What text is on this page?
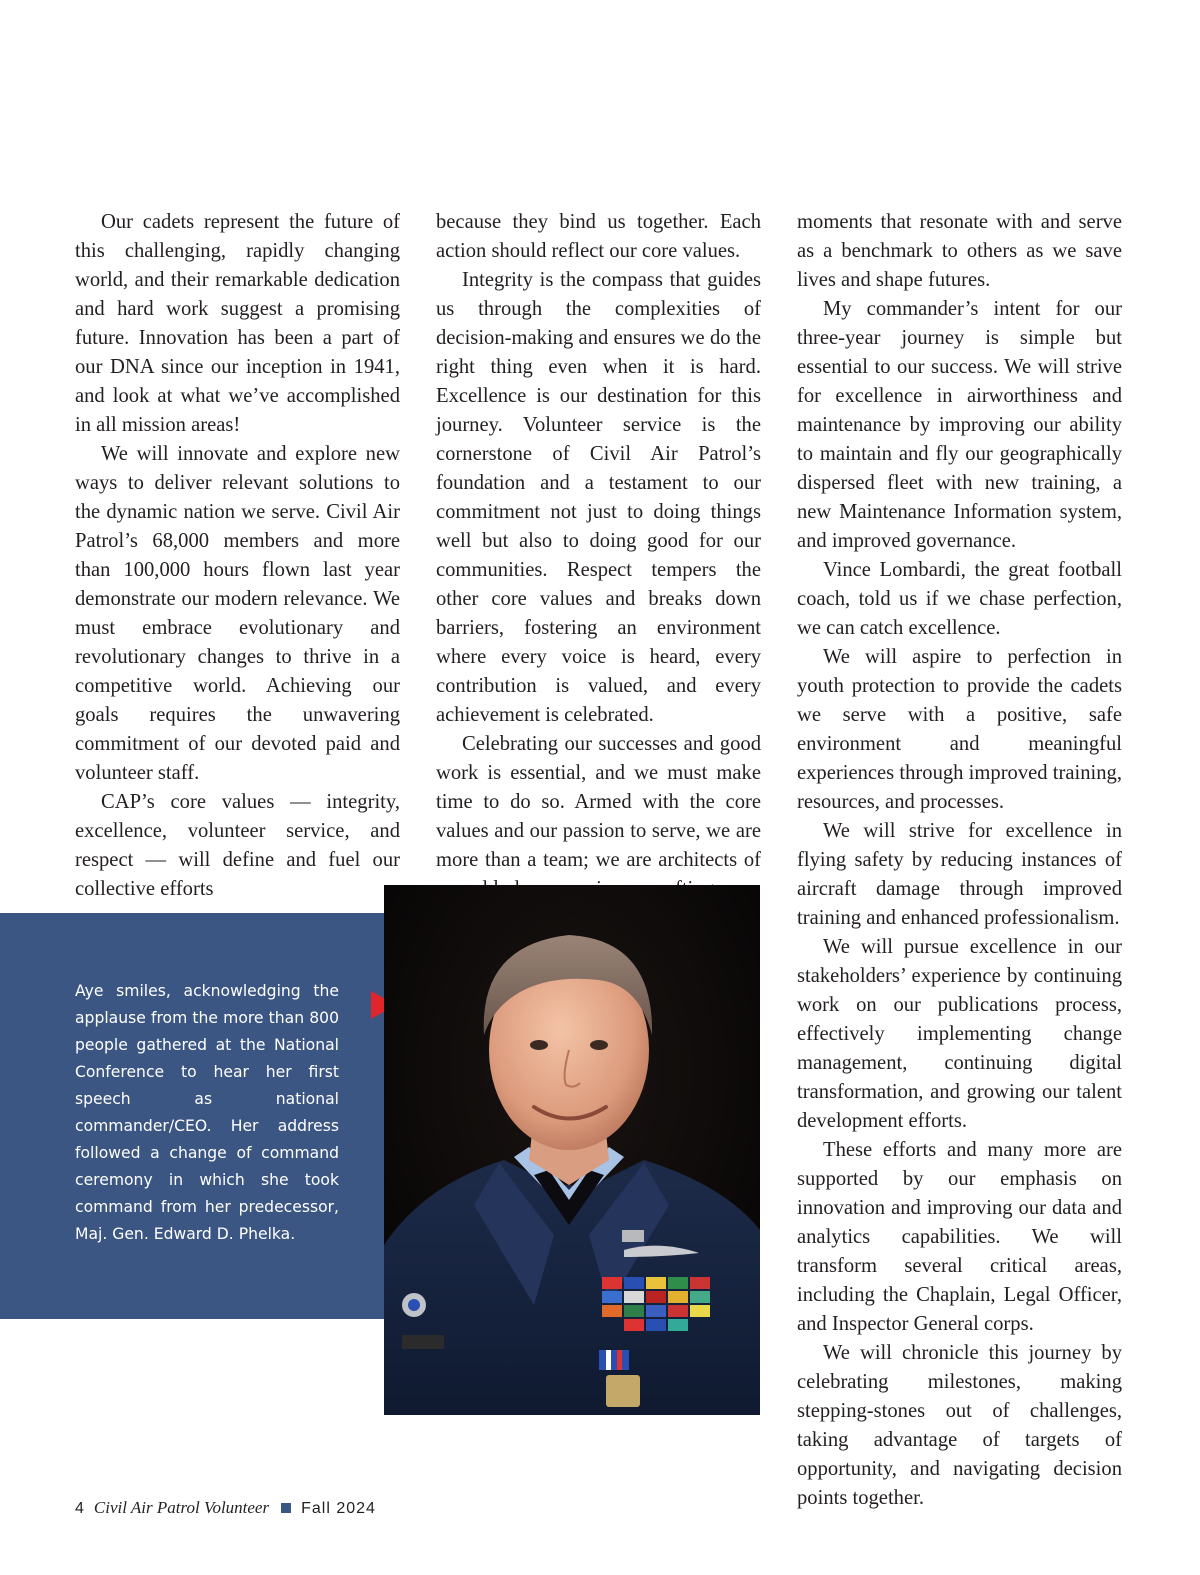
Our cadets represent the future of this challenging, rapidly changing world, and their remarkable dedication and hard work suggest a promising future. Innovation has been a part of our DNA since our inception in 1941, and look at what we’ve accomplished in all mission areas!

We will innovate and explore new ways to deliver relevant solutions to the dynamic nation we serve. Civil Air Patrol’s 68,000 members and more than 100,000 hours flown last year demonstrate our modern relevance. We must embrace evolutionary and revolutionary changes to thrive in a competitive world. Achieving our goals requires the unwavering commitment of our devoted paid and volunteer staff.

CAP’s core values — integrity, excellence, volunteer service, and respect — will define and fuel our collective efforts

because they bind us together. Each action should reflect our core values.

Integrity is the compass that guides us through the complexities of decision-making and ensures we do the right thing even when it is hard. Excellence is our destination for this journey. Volunteer service is the cornerstone of Civil Air Patrol’s foundation and a testament to our commitment not just to doing things well but also to doing good for our communities. Respect tempers the other core values and breaks down barriers, fostering an environment where every voice is heard, every contribution is valued, and every achievement is celebrated.

Celebrating our successes and good work is essential, and we must make time to do so. Armed with the core values and our passion to serve, we are more than a team; we are architects of

moments that resonate with and serve as a benchmark to others as we save lives and shape futures.

My commander’s intent for our three-year journey is simple but essential to our success. We will strive for excellence in airworthiness and maintenance by improving our ability to maintain and fly our geographically dispersed fleet with new training, a new Maintenance Information system, and improved governance.

Vince Lombardi, the great football coach, told us if we chase perfection, we can catch excellence.

We will aspire to perfection in youth protection to provide the cadets we serve with a positive, safe environment and meaningful experiences through improved training, resources, and processes.

We will strive for excellence in flying safety by reducing instances of aircraft damage through improved training and enhanced professionalism.

We will pursue excellence in our stakeholders’ experience by continuing work on our publications process, effectively implementing change management, continuing digital transformation, and growing our talent development efforts.

These efforts and many more are supported by our emphasis on innovation and improving our data and analytics capabilities. We will transform several critical areas, including the Chaplain, Legal Officer, and Inspector General corps.

We will chronicle this journey by celebrating milestones, making stepping-stones out of challenges, taking advantage of targets of opportunity, and navigating decision points together.

Aye smiles, acknowledging the applause from the more than 800 people gathered at the National Conference to hear her first speech as national commander/CEO. Her address followed a change of command ceremony in which she took command from her predecessor, Maj. Gen. Edward D. Phelka.
4 Civil Air Patrol Volunteer Fall 2024
